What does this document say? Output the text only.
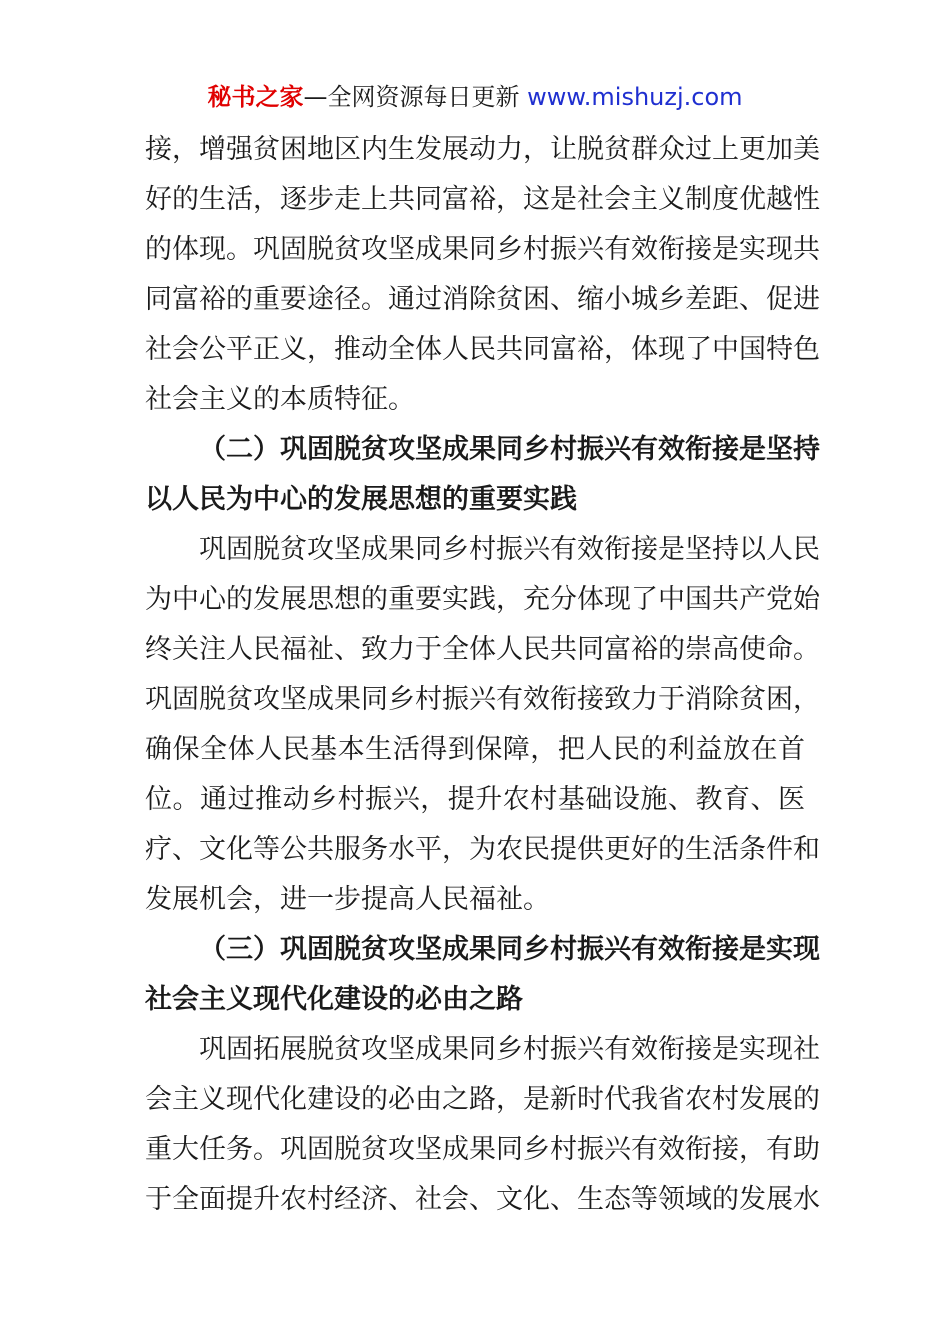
秘书之家—全网资源每日更新 www.mishuzj.com
接，增强贫困地区内生发展动力，让脱贫群众过上更加美
好的生活，逐步走上共同富裕，这是社会主义制度优越性
的体现。巩固脱贫攻坚成果同乡村振兴有效衔接是实现共
同富裕的重要途径。通过消除贫困、缩小城乡差距、促进
社会公平正义，推动全体人民共同富裕，体现了中国特色
社会主义的本质特征。
（二）巩固脱贫攻坚成果同乡村振兴有效衔接是坚持
以人民为中心的发展思想的重要实践
巩固脱贫攻坚成果同乡村振兴有效衔接是坚持以人民
为中心的发展思想的重要实践，充分体现了中国共产党始
终关注人民福祉、致力于全体人民共同富裕的崇高使命。
巩固脱贫攻坚成果同乡村振兴有效衔接致力于消除贫困，
确保全体人民基本生活得到保障，把人民的利益放在首
位。通过推动乡村振兴，提升农村基础设施、教育、医
疗、文化等公共服务水平，为农民提供更好的生活条件和
发展机会，进一步提高人民福祉。
（三）巩固脱贫攻坚成果同乡村振兴有效衔接是实现
社会主义现代化建设的必由之路
巩固拓展脱贫攻坚成果同乡村振兴有效衔接是实现社
会主义现代化建设的必由之路，是新时代我省农村发展的
重大任务。巩固脱贫攻坚成果同乡村振兴有效衔接，有助
于全面提升农村经济、社会、文化、生态等领域的发展水
